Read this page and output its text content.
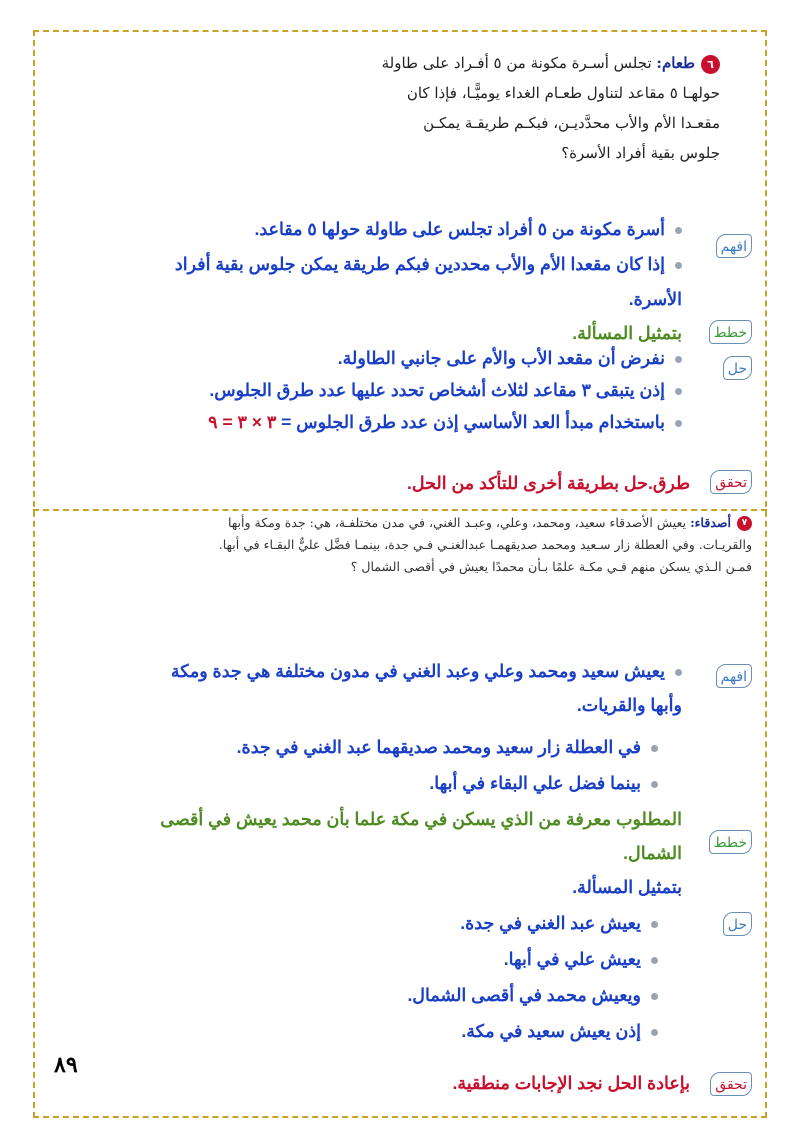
٦طعام: تجلس أسـرة مكونة من ٥ أفـراد على طاولة
حولهـا ٥ مقاعد لتناول طعـام الغداء يوميًّـا، فإذا كان
مقعـدا الأم والأب محدَّديـن، فبكـم طريقـة يمكـن
جلوس بقية أفراد الأسرة؟
افهم
أسرة مكونة من ٥ أفراد تجلس على طاولة حولها ٥ مقاعد.
إذا كان مقعدا الأم والأب محددين فبكم طريقة يمكن جلوس بقية أفراد
الأسرة.
خطط
بتمثيل المسألة.
حل
نفرض أن مقعد الأب والأم على جانبي الطاولة.
إذن يتبقى ٣ مقاعد لثلاث أشخاص تحدد عليها عدد طرق الجلوس.
باستخدام مبدأ العد الأساسي إذن عدد طرق الجلوس = ٣ × ٣ = ٩
تحقق
طرق.حل بطريقة أخرى للتأكد من الحل.
٧أصدقاء: يعيش الأصدقاء سعيد، ومحمد، وعلي، وعبـد الغني، في مدن مختلفـة، هي: جدة ومكة وأبها
والقريـات. وفي العطلة زار سـعيد ومحمد صديقهمـا عبدالغنـي فـي جدة، بينمـا فضَّل عليٌّ البقـاء في أبها.
فمـن الـذي يسكن منهم فـي مكـة علمًا بـأن محمدًا يعيش في أقصى الشمال ؟
افهم
يعيش سعيد ومحمد وعلي وعبد الغني في مدون مختلفة هي جدة ومكة
وأبها والقريات.
في العطلة زار سعيد ومحمد صديقهما عبد الغني في جدة.
بينما فضل علي البقاء في أبها.
خطط
المطلوب معرفة من الذي يسكن في مكة علما بأن محمد يعيش في أقصى
الشمال.
حل
بتمثيل المسألة.
يعيش عبد الغني في جدة.
يعيش علي في أبها.
ويعيش محمد في أقصى الشمال.
إذن يعيش سعيد في مكة.
تحقق
بإعادة الحل نجد الإجابات منطقية.
٨٩
